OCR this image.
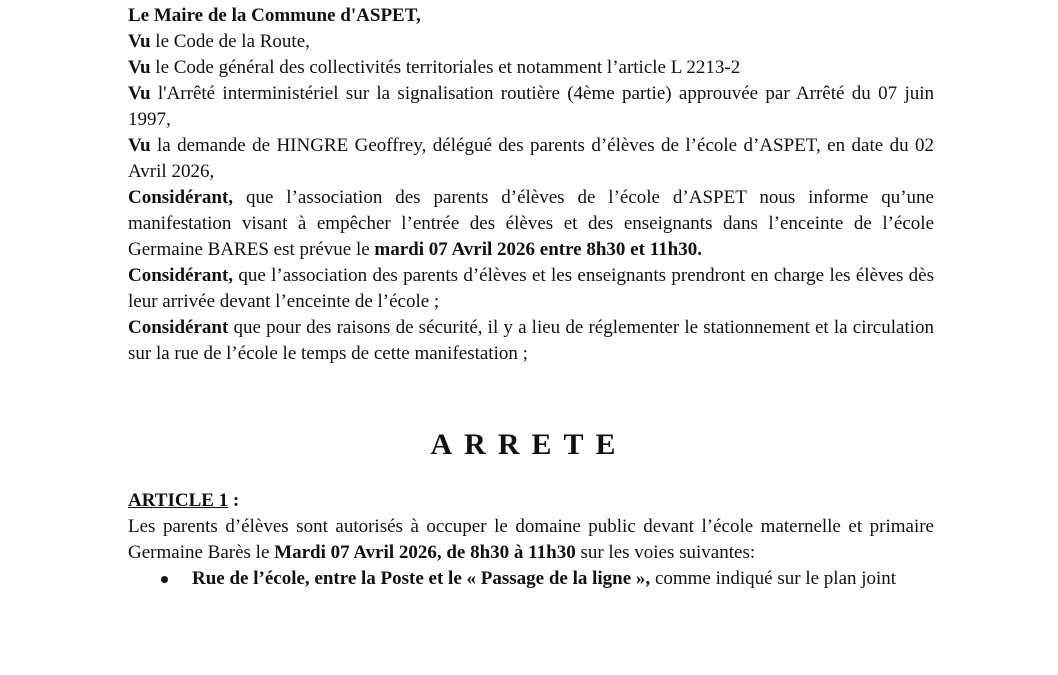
Le Maire de la Commune d'ASPET,

Vu le Code de la Route,

Vu le Code général des collectivités territoriales et notamment l’article L 2213-2

Vu l'Arrêté interministériel sur la signalisation routière (4ème partie) approuvée par Arrêté du 07 juin 1997,

Vu la demande de HINGRE Geoffrey, délégué des parents d’élèves de l’école d’ASPET, en date du 02 Avril 2026,

Considérant, que l’association des parents d’élèves de l’école d’ASPET nous informe qu’une manifestation visant à empêcher l’entrée des élèves et des enseignants dans l’enceinte de l’école Germaine BARES est prévue le mardi 07 Avril 2026 entre 8h30 et 11h30.

Considérant, que l’association des parents d’élèves et les enseignants prendront en charge les élèves dès leur arrivée devant l’enceinte de l’école ;

Considérant que pour des raisons de sécurité, il y a lieu de réglementer le stationnement et la circulation sur la rue de l’école le temps de cette manifestation ;

ARRETE
ARTICLE 1 :

Les parents d’élèves sont autorisés à occuper le domaine public devant l’école maternelle et primaire Germaine Barès le Mardi 07 Avril 2026, de 8h30 à 11h30 sur les voies suivantes:

Rue de l’école, entre la Poste et le « Passage de la ligne », comme indiqué sur le plan joint
